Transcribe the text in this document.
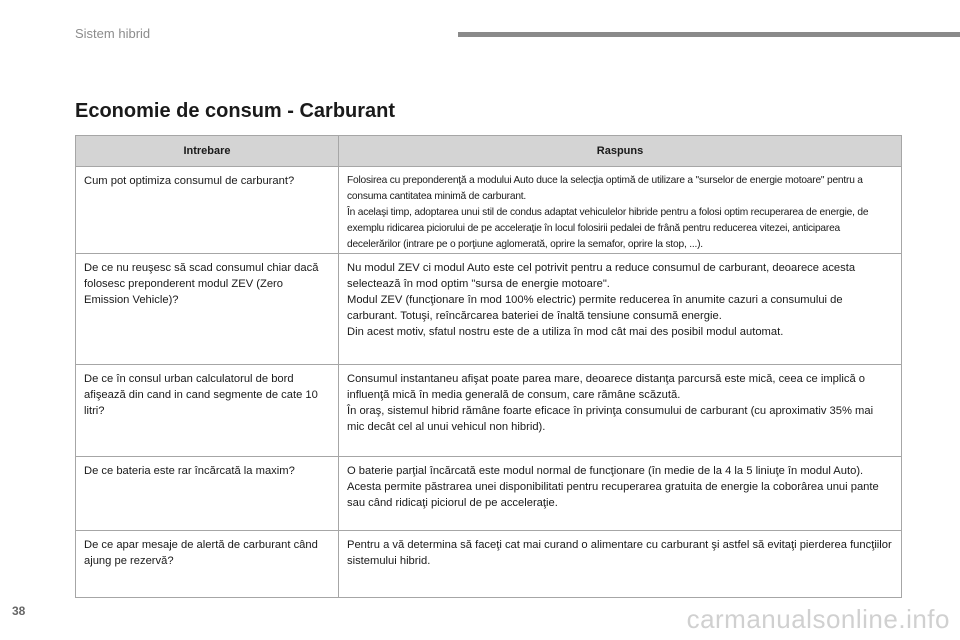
Sistem hibrid
Economie de consum - Carburant
Intrebare	Raspuns
Cum pot optimiza consumul de carburant?	Folosirea cu preponderenţă a modului Auto duce la selecţia optimă de utilizare a "surselor de energie motoare" pentru a consuma cantitatea minimă de carburant.

În acelaşi timp, adoptarea unui stil de condus adaptat vehiculelor hibride pentru a folosi optim recuperarea de energie, de exemplu ridicarea piciorului de pe acceleraţie în locul folosirii pedalei de frână pentru reducerea vitezei, anticiparea decelerărilor (intrare pe o porţiune aglomerată, oprire la semafor, oprire la stop, ...).

De ce nu reuşesc să scad consumul chiar dacă folosesc preponderent modul ZEV (Zero Emission Vehicle)?	Nu modul ZEV ci modul Auto este cel potrivit pentru a reduce consumul de carburant, deoarece acesta selectează în mod optim "sursa de energie motoare".

Modul ZEV (funcţionare în mod 100% electric) permite reducerea în anumite cazuri a consumului de carburant. Totuşi, reîncărcarea bateriei de înaltă tensiune consumă energie.

Din acest motiv, sfatul nostru este de a utiliza în mod cât mai des posibil modul automat.

De ce în consul urban calculatorul de bord afişează din cand in cand segmente de cate 10 litri?	Consumul instantaneu afişat poate parea mare, deoarece distanţa parcursă este mică, ceea ce implică o influenţă mică în media generală de consum, care rămâne scăzută.

În oraş, sistemul hibrid rămâne foarte eficace în privinţa consumului de carburant (cu aproximativ 35% mai mic decât cel al unui vehicul non hibrid).

De ce bateria este rar încărcată la maxim?	O baterie parţial încărcată este modul normal de funcţionare (în medie de la 4 la 5 liniuţe în modul Auto).

Acesta permite păstrarea unei disponibilitati pentru recuperarea gratuita de energie la coborârea unui pante sau când ridicaţi piciorul de pe acceleraţie.

De ce apar mesaje de alertă de carburant când ajung pe rezervă?	Pentru a vă determina să faceţi cat mai curand o alimentare cu carburant şi astfel să evitaţi pierderea funcţiilor sistemului hibrid.

38	carmanualsonline.info
